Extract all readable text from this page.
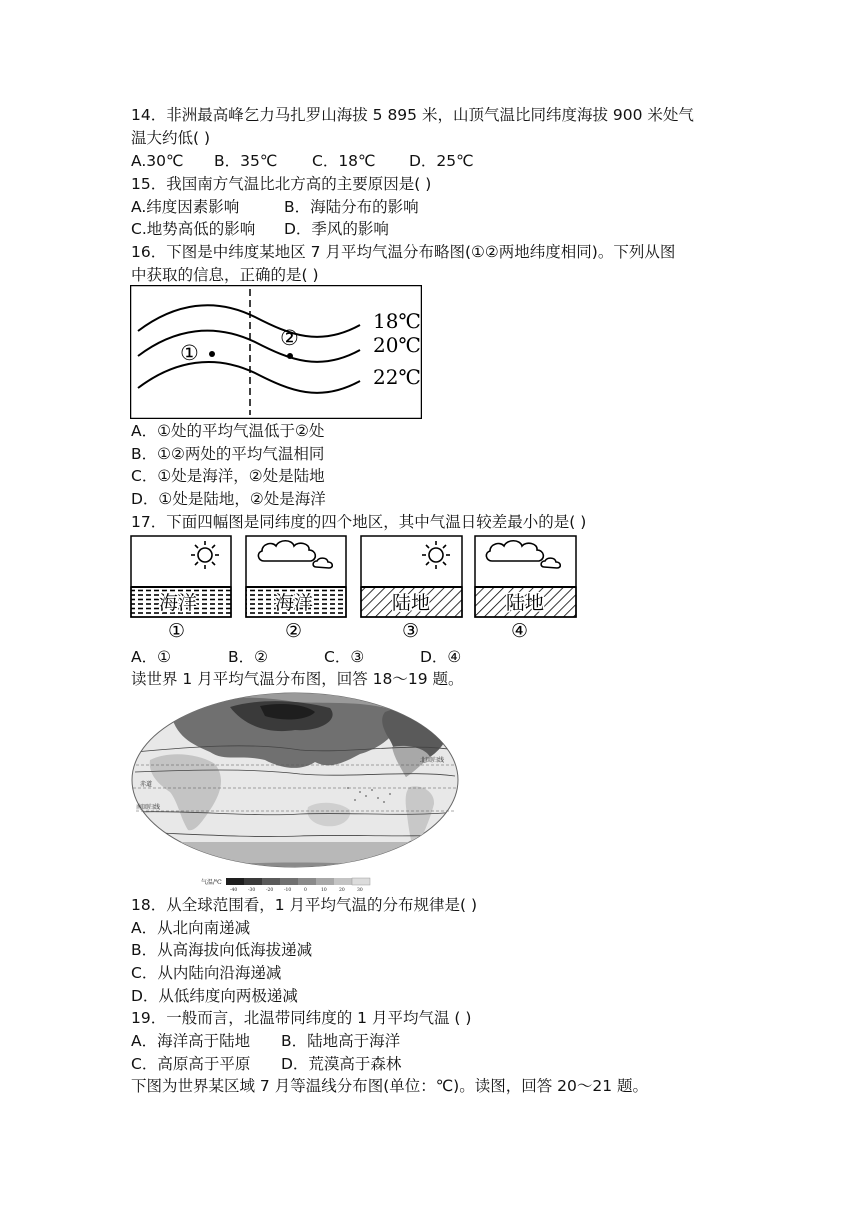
14．非洲最高峰乞力马扎罗山海拔 5 895 米，山顶气温比同纬度海拔 900 米处气
温大约低( )
A.30℃ B．35℃ C．18℃ D．25℃
15．我国南方气温比北方高的主要原因是( )
A.纬度因素影响	B．海陆分布的影响
C.地势高低的影响 D．季风的影响
16．下图是中纬度某地区 7 月平均气温分布略图(①②两地纬度相同)。下列从图
中获取的信息，正确的是( )
①
②
18℃
20℃
22℃
A．①处的平均气温低于②处
B．①②两处的平均气温相同
C．①处是海洋，②处是陆地
D．①处是陆地，②处是海洋
17．下面四幅图是同纬度的四个地区，其中气温日较差最小的是( )
海洋
①
海洋
②
陆地
③
陆地
④
A．①	B．②	C．③	D．④
读世界 1 月平均气温分布图，回答 18～19 题。
北回归线
赤道
南回归线
气温/℃
-40 -30 -20 -10	0	10	20	30
18．从全球范围看，1 月平均气温的分布规律是( )
A．从北向南递减
B．从高海拔向低海拔递减
C．从内陆向沿海递减
D．从低纬度向两极递减
19．一般而言，北温带同纬度的 1 月平均气温 ( )
A．海洋高于陆地 B．陆地高于海洋
C．高原高于平原 D．荒漠高于森林
下图为世界某区域 7 月等温线分布图(单位：℃)。读图，回答 20～21 题。
